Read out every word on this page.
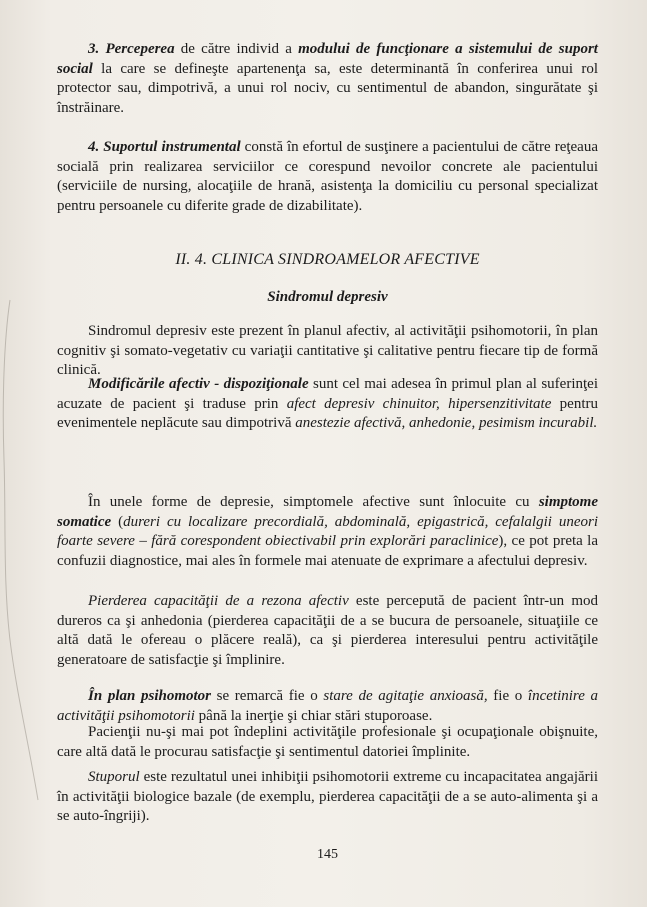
3. Perceperea de către individ a modului de funcţionare a sistemului de suport social la care se defineşte apartenenţa sa, este determinantă în conferirea unui rol protector sau, dimpotrivă, a unui rol nociv, cu sentimentul de abandon, singurătate şi înstrăinare.

4. Suportul instrumental constă în efortul de susţinere a pacientului de către reţeaua socială prin realizarea serviciilor ce corespund nevoilor concrete ale pacientului (serviciile de nursing, alocaţiile de hrană, asistenţa la domiciliu cu personal specializat pentru persoanele cu diferite grade de dizabilitate).

II. 4. CLINICA SINDROAMELOR AFECTIVE
Sindromul depresiv

Sindromul depresiv este prezent în planul afectiv, al activităţii psihomotorii, în plan cognitiv şi somato-vegetativ cu variaţii cantitative şi calitative pentru fiecare tip de formă clinică.

Modificările afectiv - dispoziţionale sunt cel mai adesea în primul plan al suferinţei acuzate de pacient şi traduse prin afect depresiv chinuitor, hipersenzitivitate pentru evenimentele neplăcute sau dimpotrivă anestezie afectivă, anhedonie, pesimism incurabil.

În unele forme de depresie, simptomele afective sunt înlocuite cu simptome somatice (dureri cu localizare precordială, abdominală, epigastrică, cefalalgii uneori foarte severe – fără corespondent obiectivabil prin explorări paraclinice), ce pot preta la confuzii diagnostice, mai ales în formele mai atenuate de exprimare a afectului depresiv.

Pierderea capacităţii de a rezona afectiv este percepută de pacient într-un mod dureros ca şi anhedonia (pierderea capacităţii de a se bucura de persoanele, situaţiile ce altă dată le ofereau o plăcere reală), ca şi pierderea interesului pentru activităţile generatoare de satisfacţie şi împlinire.

În plan psihomotor se remarcă fie o stare de agitaţie anxioasă, fie o încetinire a activităţii psihomotorii până la inerţie şi chiar stări stuporoase.

Pacienţii nu-şi mai pot îndeplini activităţile profesionale şi ocupaţionale obişnuite, care altă dată le procurau satisfacţie şi sentimentul datoriei împlinite.

Stuporul este rezultatul unei inhibiţii psihomotorii extreme cu incapacitatea angajării în activităţii biologice bazale (de exemplu, pierderea capacităţii de a se auto-alimenta şi a se auto-îngriji).

145
